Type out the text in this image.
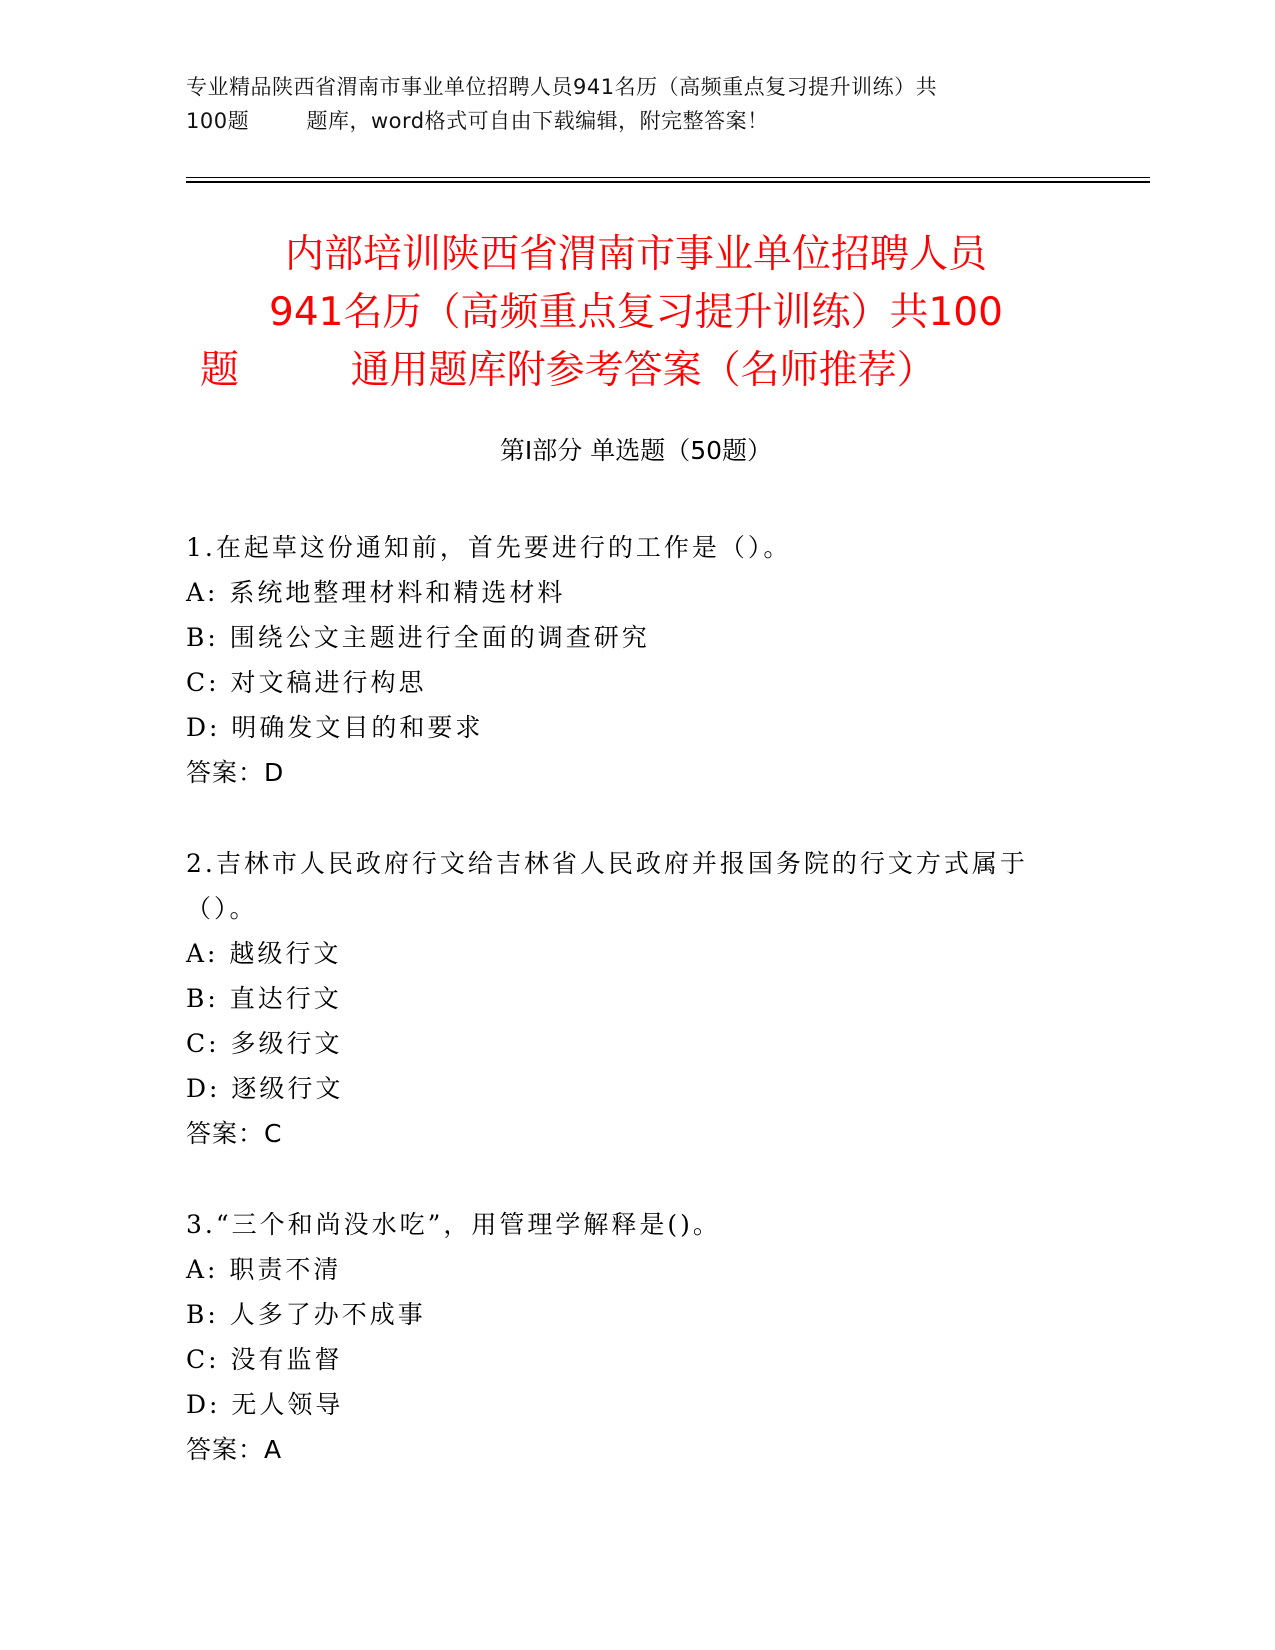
专业精品陕西省渭南市事业单位招聘人员941名历（高频重点复习提升训练）共
100题        题库，word格式可自由下载编辑，附完整答案！
内部培训陕西省渭南市事业单位招聘人员
941名历（高频重点复习提升训练）共100
题         通用题库附参考答案（名师推荐）
第Ⅰ部分 单选题（50题）
1.在起草这份通知前，首先要进行的工作是（）。
A: 系统地整理材料和精选材料
B: 围绕公文主题进行全面的调查研究
C: 对文稿进行构思
D: 明确发文目的和要求
答案：D
2.吉林市人民政府行文给吉林省人民政府并报国务院的行文方式属于（）。
A: 越级行文
B: 直达行文
C: 多级行文
D: 逐级行文
答案：C
3.“三个和尚没水吃”，用管理学解释是()。
A: 职责不清
B: 人多了办不成事
C: 没有监督
D: 无人领导
答案：A
